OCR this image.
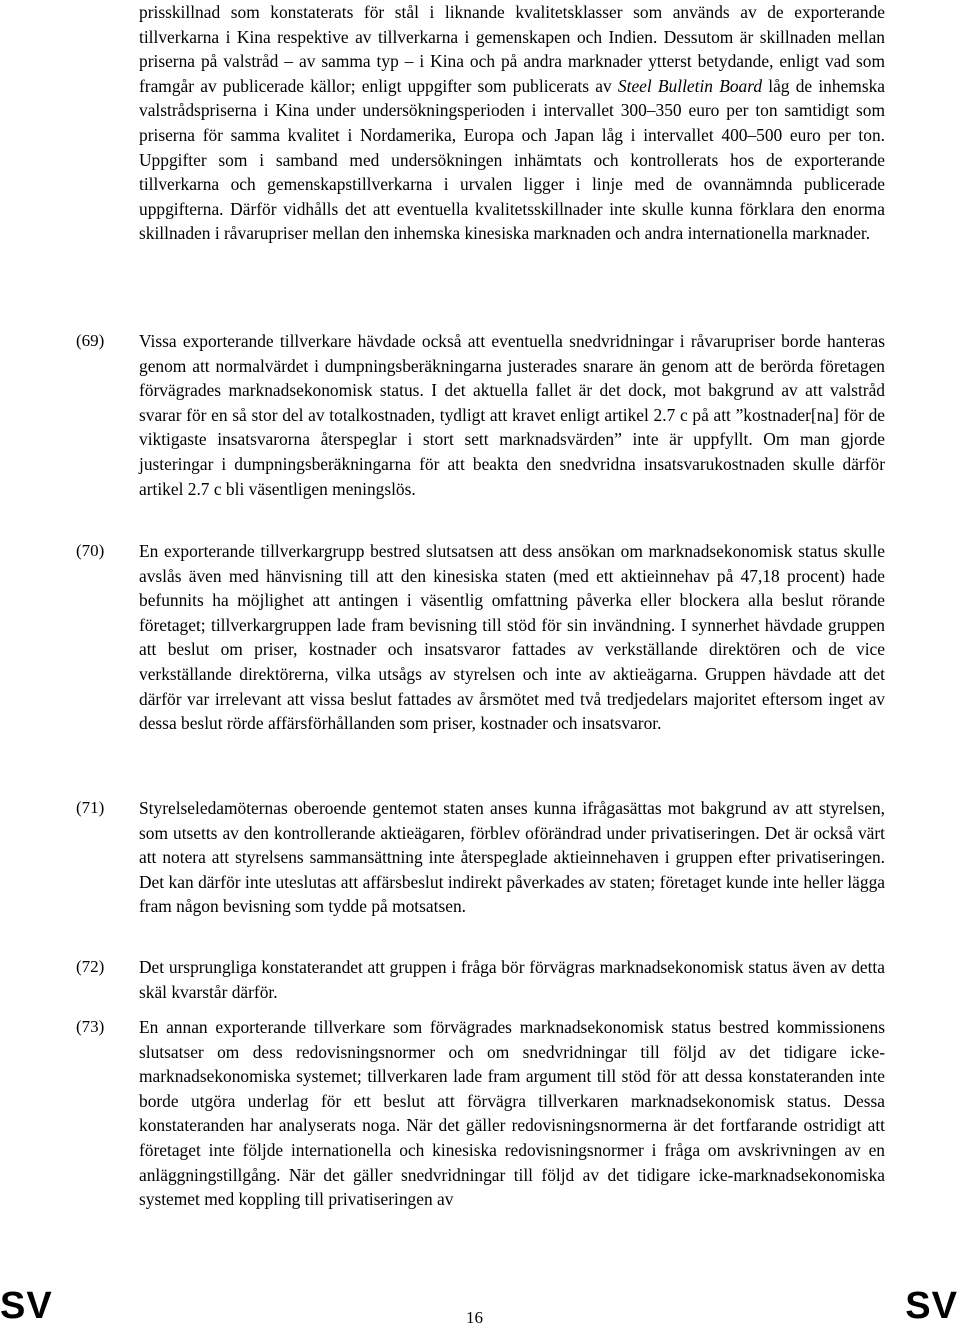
prisskillnad som konstaterats för stål i liknande kvalitetsklasser som används av de exporterande tillverkarna i Kina respektive av tillverkarna i gemenskapen och Indien. Dessutom är skillnaden mellan priserna på valstråd – av samma typ – i Kina och på andra marknader ytterst betydande, enligt vad som framgår av publicerade källor; enligt uppgifter som publicerats av Steel Bulletin Board låg de inhemska valstrådspriserna i Kina under undersökningsperioden i intervallet 300–350 euro per ton samtidigt som priserna för samma kvalitet i Nordamerika, Europa och Japan låg i intervallet 400–500 euro per ton. Uppgifter som i samband med undersökningen inhämtats och kontrollerats hos de exporterande tillverkarna och gemenskapstillverkarna i urvalen ligger i linje med de ovannämnda publicerade uppgifterna. Därför vidhålls det att eventuella kvalitetsskillnader inte skulle kunna förklara den enorma skillnaden i råvarupriser mellan den inhemska kinesiska marknaden och andra internationella marknader.
(69) Vissa exporterande tillverkare hävdade också att eventuella snedvridningar i råvarupriser borde hanteras genom att normalvärdet i dumpningsberäkningarna justerades snarare än genom att de berörda företagen förvägrades marknadsekonomisk status. I det aktuella fallet är det dock, mot bakgrund av att valstråd svarar för en så stor del av totalkostnaden, tydligt att kravet enligt artikel 2.7 c på att ”kostnader[na] för de viktigaste insatsvarorna återspeglar i stort sett marknadsvärden” inte är uppfyllt. Om man gjorde justeringar i dumpningsberäkningarna för att beakta den snedvridna insatsvarukostnaden skulle därför artikel 2.7 c bli väsentligen meningslös.
(70) En exporterande tillverkargrupp bestred slutsatsen att dess ansökan om marknadsekonomisk status skulle avslås även med hänvisning till att den kinesiska staten (med ett aktieinnehav på 47,18 procent) hade befunnits ha möjlighet att antingen i väsentlig omfattning påverka eller blockera alla beslut rörande företaget; tillverkargruppen lade fram bevisning till stöd för sin invändning. I synnerhet hävdade gruppen att beslut om priser, kostnader och insatsvaror fattades av verkställande direktören och de vice verkställande direktörerna, vilka utsågs av styrelsen och inte av aktieägarna. Gruppen hävdade att det därför var irrelevant att vissa beslut fattades av årsmötet med två tredjedelars majoritet eftersom inget av dessa beslut rörde affärsförhållanden som priser, kostnader och insatsvaror.
(71) Styrelseledamöternas oberoende gentemot staten anses kunna ifrågasättas mot bakgrund av att styrelsen, som utsetts av den kontrollerande aktieägaren, förblev oförändrad under privatiseringen. Det är också värt att notera att styrelsens sammansättning inte återspeglade aktieinnehaven i gruppen efter privatiseringen. Det kan därför inte uteslutas att affärsbeslut indirekt påverkades av staten; företaget kunde inte heller lägga fram någon bevisning som tydde på motsatsen.
(72) Det ursprungliga konstaterandet att gruppen i fråga bör förvägras marknadsekonomisk status även av detta skäl kvarstår därför.
(73) En annan exporterande tillverkare som förvägrades marknadsekonomisk status bestred kommissionens slutsatser om dess redovisningsnormer och om snedvridningar till följd av det tidigare icke-marknadsekonomiska systemet; tillverkaren lade fram argument till stöd för att dessa konstateranden inte borde utgöra underlag för ett beslut att förvägra tillverkaren marknadsekonomisk status. Dessa konstateranden har analyserats noga. När det gäller redovisningsnormerna är det fortfarande ostridigt att företaget inte följde internationella och kinesiska redovisningsnormer i fråga om avskrivningen av en anläggningstillgång. När det gäller snedvridningar till följd av det tidigare icke-marknadsekonomiska systemet med koppling till privatiseringen av
SV	16	SV
